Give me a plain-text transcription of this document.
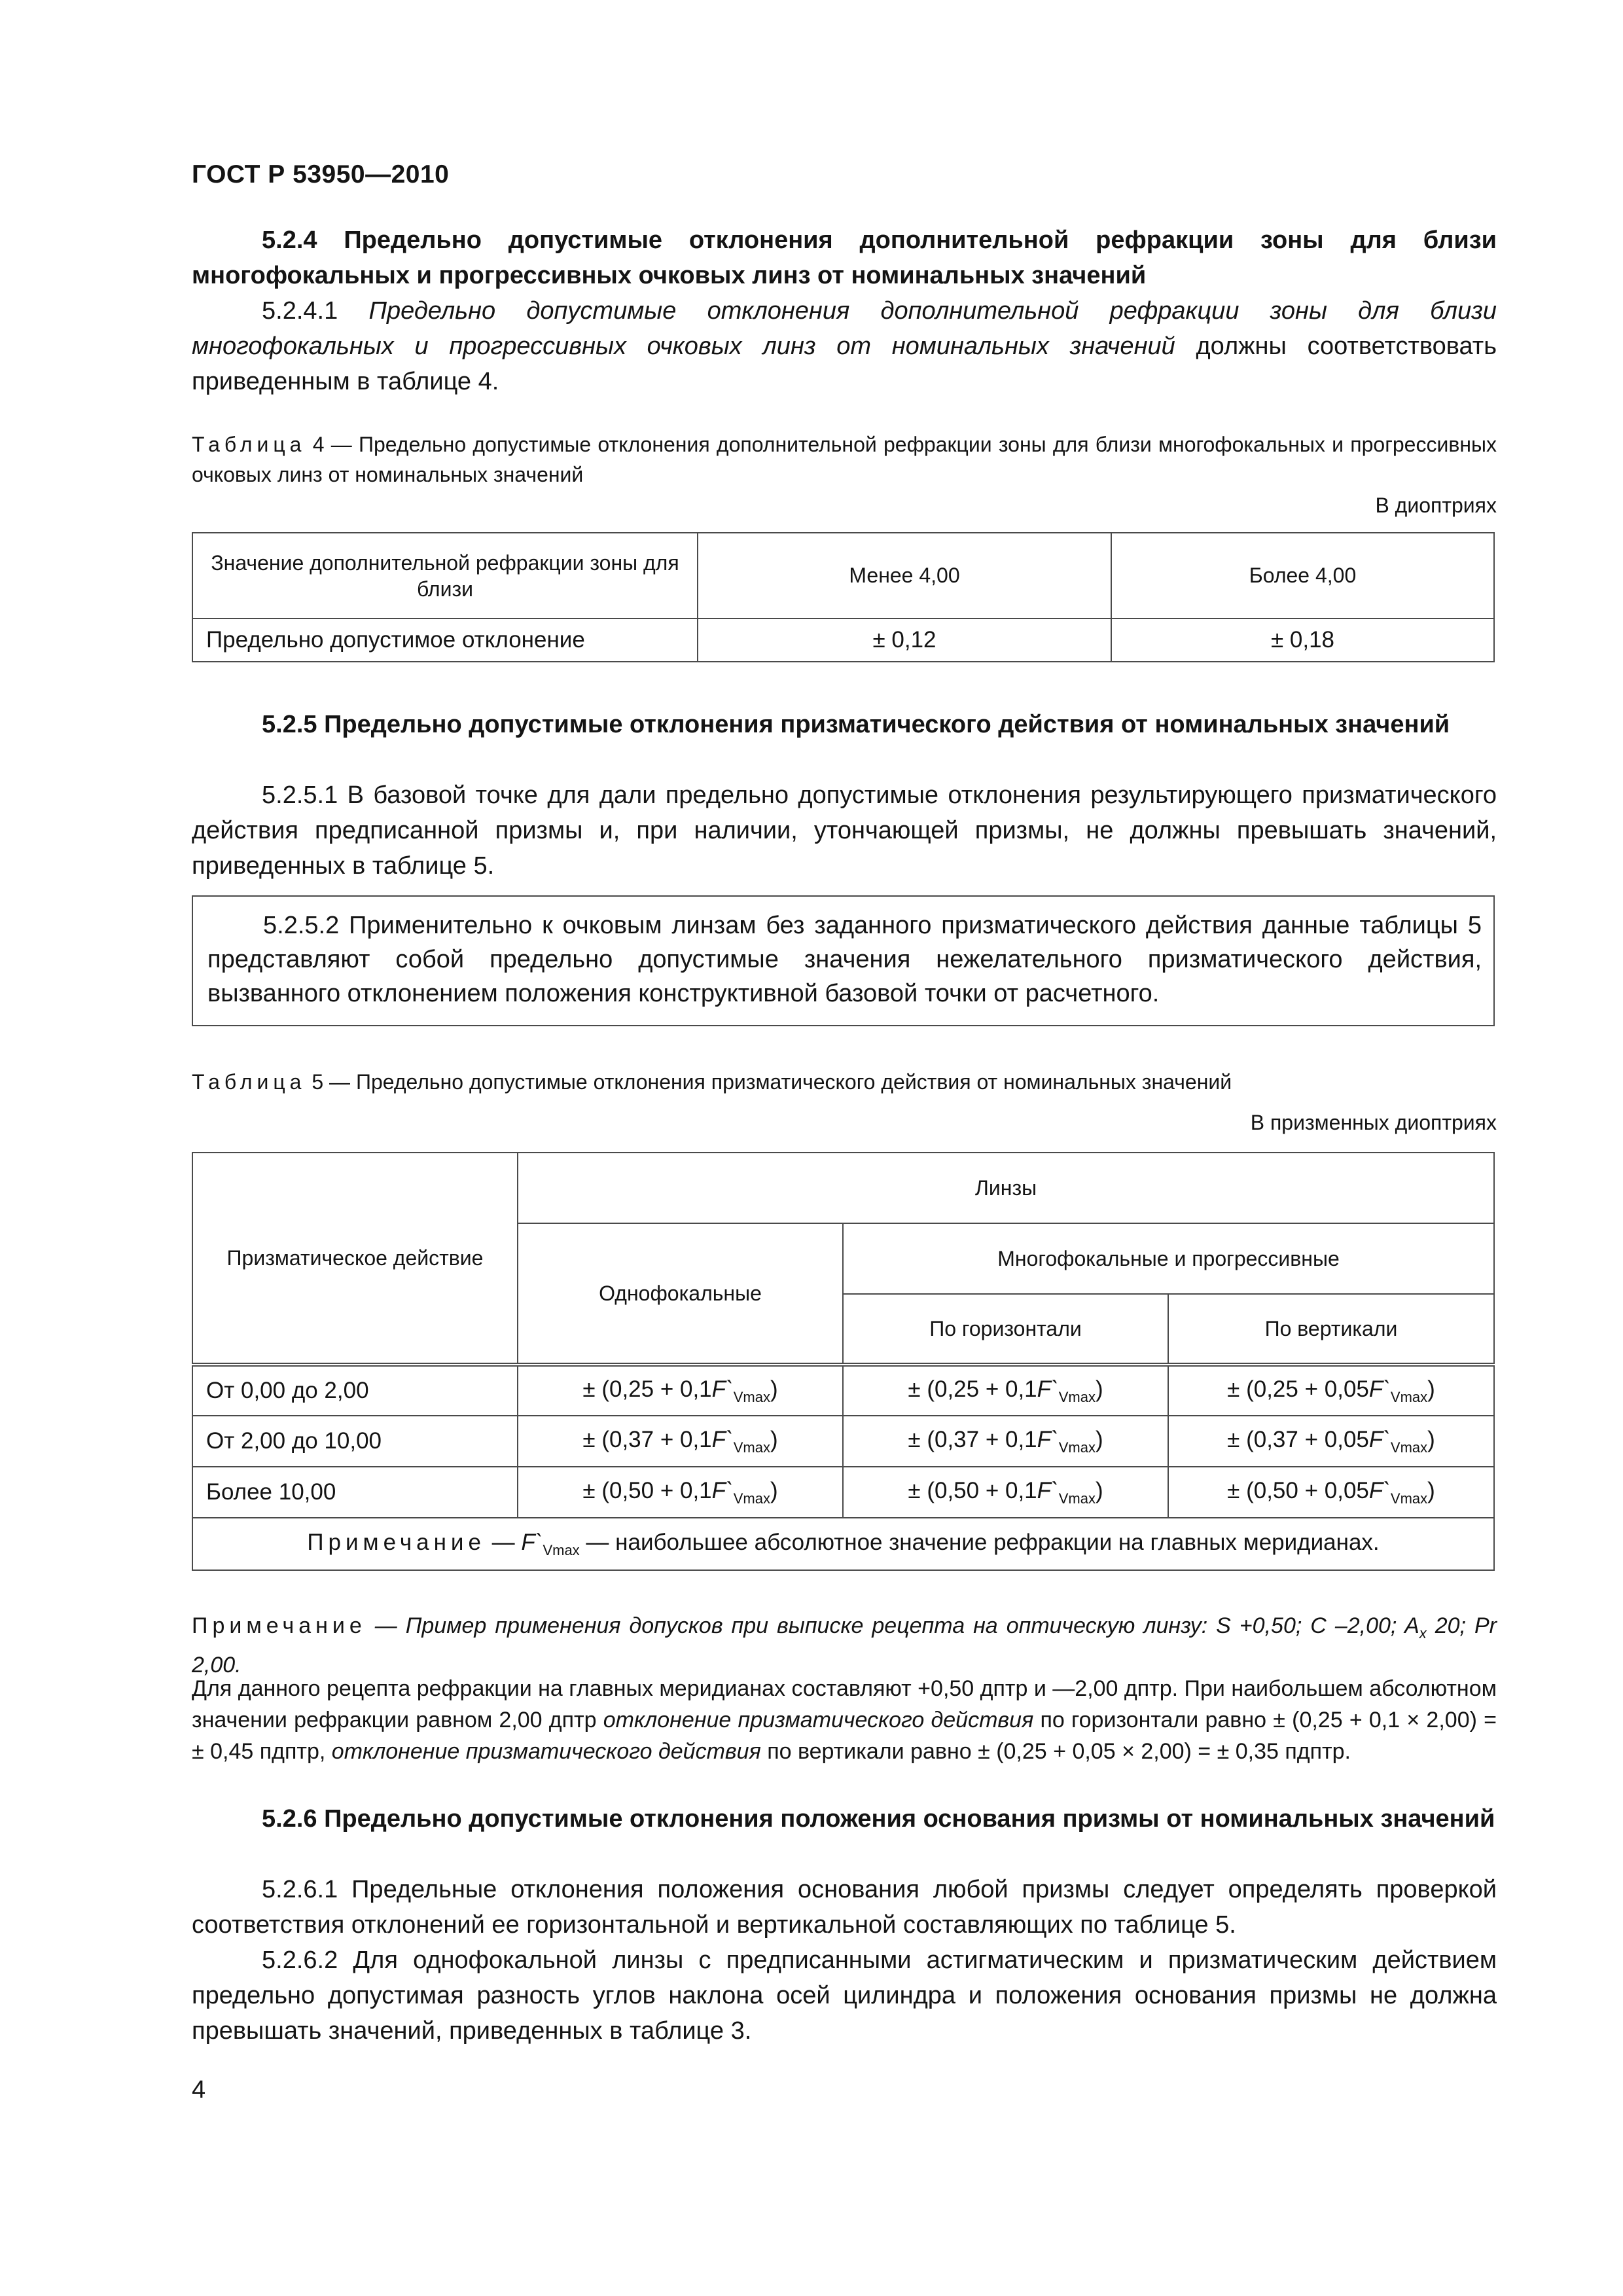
ГОСТ Р 53950—2010
5.2.4 Предельно допустимые отклонения дополнительной рефракции зоны для близи многофокальных и прогрессивных очковых линз от номинальных значений
5.2.4.1 Предельно допустимые отклонения дополнительной рефракции зоны для близи многофокальных и прогрессивных очковых линз от номинальных значений должны соответствовать приведенным в таблице 4.
Таблица 4 — Предельно допустимые отклонения дополнительной рефракции зоны для близи многофокальных и прогрессивных очковых линз от номинальных значений
В диоптриях
Значение дополнительной рефракции зоны для близи	Менее 4,00	Более 4,00
Предельно допустимое отклонение	± 0,12	± 0,18
5.2.5 Предельно допустимые отклонения призматического действия от номинальных значений
5.2.5.1 В базовой точке для дали предельно допустимые отклонения результирующего призматического действия предписанной призмы и, при наличии, утончающей призмы, не должны превышать значений, приведенных в таблице 5.
5.2.5.2 Применительно к очковым линзам без заданного призматического действия данные таблицы 5 представляют собой предельно допустимые значения нежелательного призматического действия, вызванного отклонением положения конструктивной базовой точки от расчетного.
Таблица 5 — Предельно допустимые отклонения призматического действия от номинальных значений
В призменных диоптриях
Призматическое действие	Линзы		
	Однофокальные	Многофокальные и прогрессивные	
		По горизонтали	По вертикали
От 0,00 до 2,00	± $(0,25 + 0,1F`_{Vmax})$	± $(0,25 + 0,1F`_{Vmax})$	± $(0,25 + 0,05F`_{Vmax})$
От 2,00 до 10,00	± $(0,37 + 0,1F`_{Vmax})$	± $(0,37 + 0,1F`_{Vmax})$	± $(0,37 + 0,05F`_{Vmax})$
Более 10,00	± $(0,50 + 0,1F`_{Vmax})$	± $(0,50 + 0,1F`_{Vmax})$	± $(0,50 + 0,05F`_{Vmax})$
Примечание — $F`_{Vmax}$ — наибольшее абсолютное значение рефракции на главных меридианах.			
Примечание — Пример применения допусков при выписке рецепта на оптическую линзу: S +0,50; C –2,00; $A_x$ 20; Pr 2,00.
Для данного рецепта рефракции на главных меридианах составляют +0,50 дптр и —2,00 дптр. При наибольшем абсолютном значении рефракции равном 2,00 дптр отклонение призматического действия по горизонтали равно ± (0,25 + 0,1 × 2,00) = ± 0,45 пдптр, отклонение призматического действия по вертикали равно ± (0,25 + 0,05 × 2,00) = ± 0,35 пдптр.
5.2.6 Предельно допустимые отклонения положения основания призмы от номинальных значений
5.2.6.1 Предельные отклонения положения основания любой призмы следует определять проверкой соответствия отклонений ее горизонтальной и вертикальной составляющих по таблице 5.
5.2.6.2 Для однофокальной линзы с предписанными астигматическим и призматическим действием предельно допустимая разность углов наклона осей цилиндра и положения основания призмы не должна превышать значений, приведенных в таблице 3.
4
